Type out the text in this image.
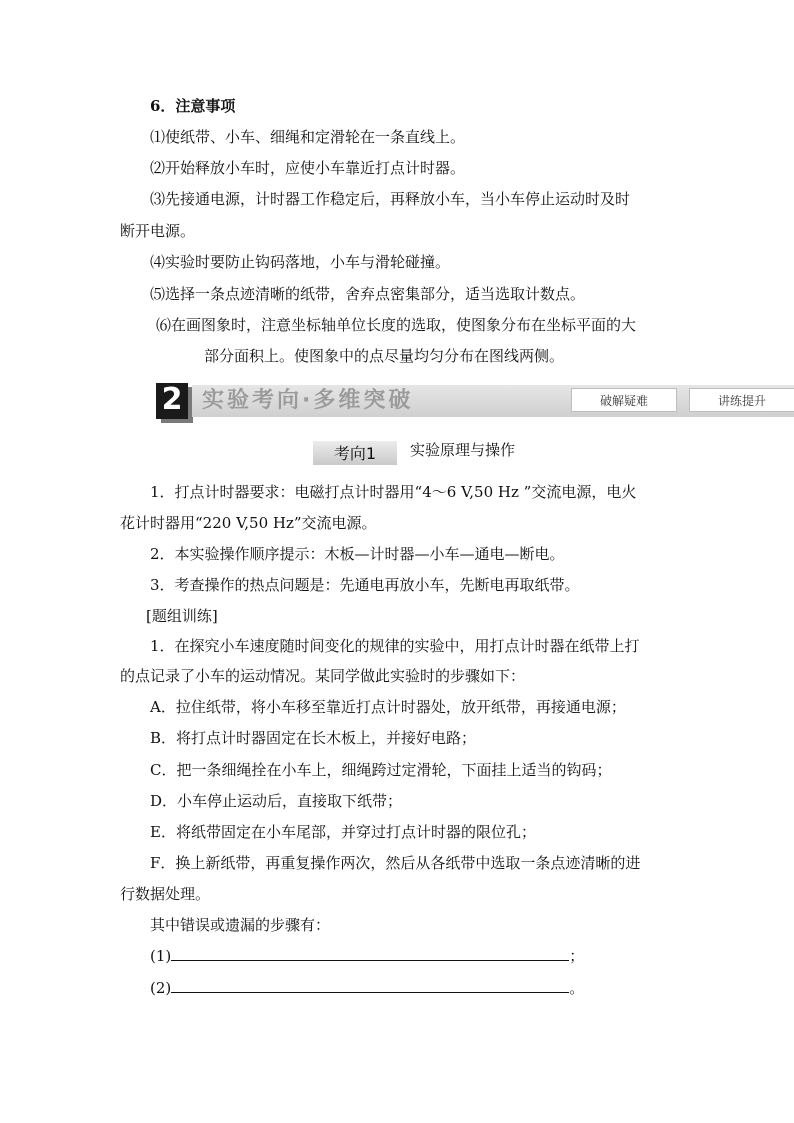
6．注意事项
⑴使纸带、小车、细绳和定滑轮在一条直线上。
⑵开始释放小车时，应使小车靠近打点计时器。
⑶先接通电源，计时器工作稳定后，再释放小车，当小车停止运动时及时
断开电源。
⑷实验时要防止钩码落地，小车与滑轮碰撞。
⑸选择一条点迹清晰的纸带，舍弃点密集部分，适当选取计数点。
⑹在画图象时，注意坐标轴单位长度的选取，使图象分布在坐标平面的大
部分面积上。使图象中的点尽量均匀分布在图线两侧。
2 实验考向·多维突破	破解疑难	讲练提升
考向1	实验原理与操作
1．打点计时器要求：电磁打点计时器用“4～6 V,50 Hz ”交流电源，电火
花计时器用“220 V,50 Hz”交流电源。
2．本实验操作顺序提示：木板—计时器—小车—通电—断电。
3．考查操作的热点问题是：先通电再放小车，先断电再取纸带。
[题组训练]
1．在探究小车速度随时间变化的规律的实验中，用打点计时器在纸带上打
的点记录了小车的运动情况。某同学做此实验时的步骤如下：
A．拉住纸带，将小车移至靠近打点计时器处，放开纸带，再接通电源；
B．将打点计时器固定在长木板上，并接好电路；
C．把一条细绳拴在小车上，细绳跨过定滑轮，下面挂上适当的钩码；
D．小车停止运动后，直接取下纸带；
E．将纸带固定在小车尾部，并穿过打点计时器的限位孔；
F．换上新纸带，再重复操作两次，然后从各纸带中选取一条点迹清晰的进
行数据处理。
其中错误或遗漏的步骤有：
(1)	；
(2)	。
